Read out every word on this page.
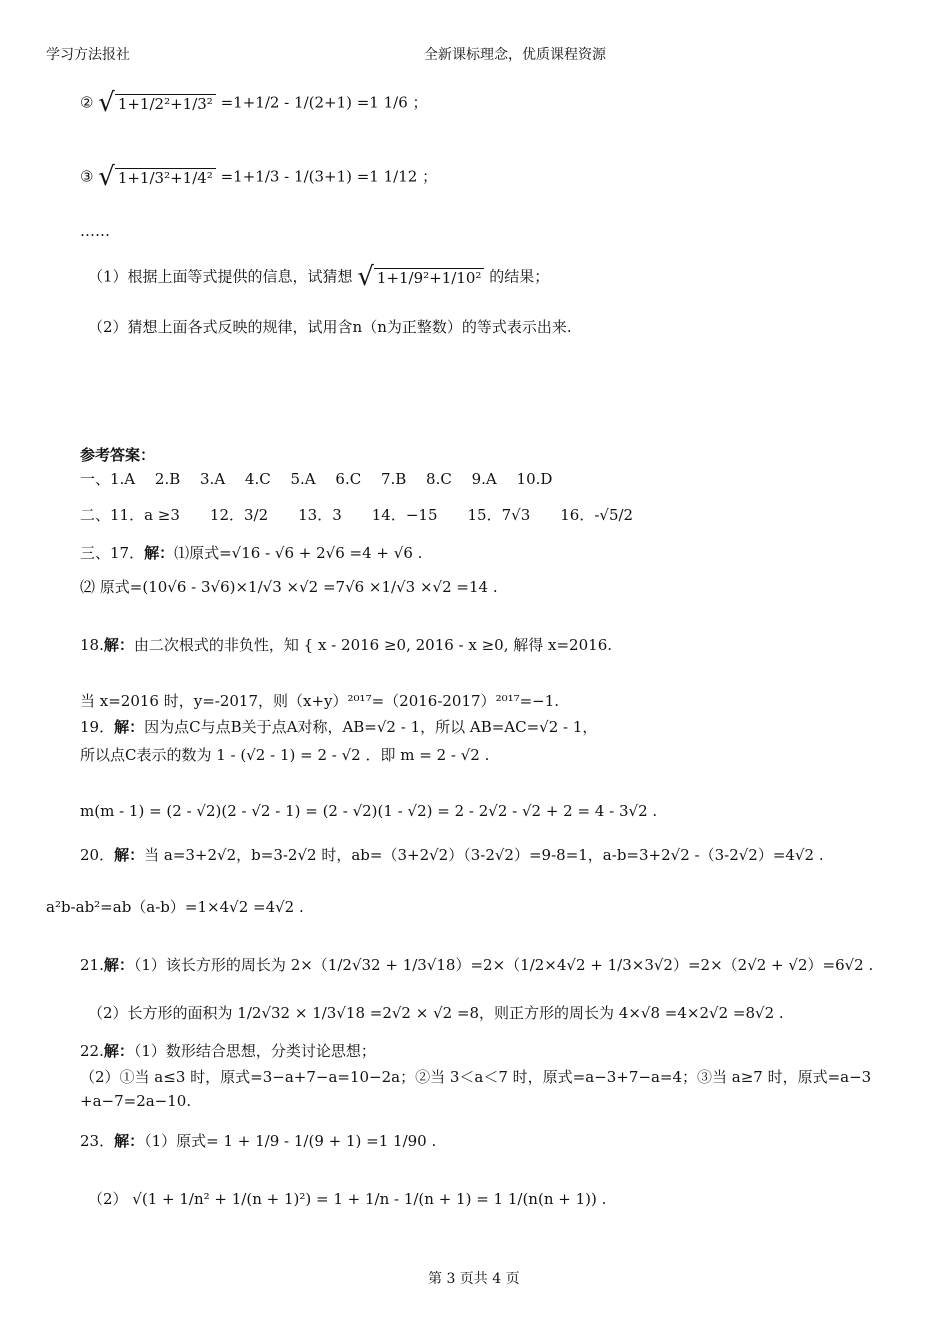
学习方法报社	全新课标理念，优质课程资源
② √ 1+1/2²+1/3² =1+1/2 - 1/(2+1) =1 1/6 ；
③ √ 1+1/3²+1/4² =1+1/3 - 1/(3+1) =1 1/12 ；
……
（1）根据上面等式提供的信息，试猜想 √ 1+1/9²+1/10² 的结果；
（2）猜想上面各式反映的规律，试用含n（n为正整数）的等式表示出来.
参考答案：
一、1.A　 2.B　 3.A　 4.C　 5.A　 6.C　 7.B　 8.C　 9.A　 10.D
二、11．a ≥3　　12．3/2　　13．3　　14．−15　　15．7√3　　16．-√5/2
三、17．解：⑴原式=√16 - √6 + 2√6 =4 + √6 .
⑵ 原式=(10√6 - 3√6)×1/√3 ×√2 =7√6 ×1/√3 ×√2 =14 .
18.解：由二次根式的非负性，知 { x - 2016 ≥0, 2016 - x ≥0, 解得 x=2016.
当 x=2016 时，y=-2017，则（x+y）²⁰¹⁷=（2016-2017）²⁰¹⁷=−1.
19．解：因为点C与点B关于点A对称，AB=√2 - 1，所以 AB=AC=√2 - 1，
所以点C表示的数为 1 - (√2 - 1) = 2 - √2 ．即 m = 2 - √2 .
m(m - 1) = (2 - √2)(2 - √2 - 1) = (2 - √2)(1 - √2) = 2 - 2√2 - √2 + 2 = 4 - 3√2 .
20．解：当 a=3+2√2，b=3-2√2 时，ab=（3+2√2）（3-2√2）=9-8=1，a-b=3+2√2 -（3-2√2）=4√2 .
a²b-ab²=ab（a-b）=1×4√2 =4√2 .
21.解：（1）该长方形的周长为 2×（1/2√32 + 1/3√18）=2×（1/2×4√2 + 1/3×3√2）=2×（2√2 + √2）=6√2 .
（2）长方形的面积为 1/2√32 × 1/3√18 =2√2 × √2 =8，则正方形的周长为 4×√8 =4×2√2 =8√2 .
22.解：（1）数形结合思想，分类讨论思想；
（2）①当 a≤3 时，原式=3−a+7−a=10−2a；②当 3＜a＜7 时，原式=a−3+7−a=4；③当 a≥7 时，原式=a−3
+a−7=2a−10.
23．解：（1）原式= 1 + 1/9 - 1/(9 + 1) =1 1/90 .
（2） √(1 + 1/n² + 1/(n + 1)²) = 1 + 1/n - 1/(n + 1) = 1 1/(n(n + 1)) .
第 3 页共 4 页
